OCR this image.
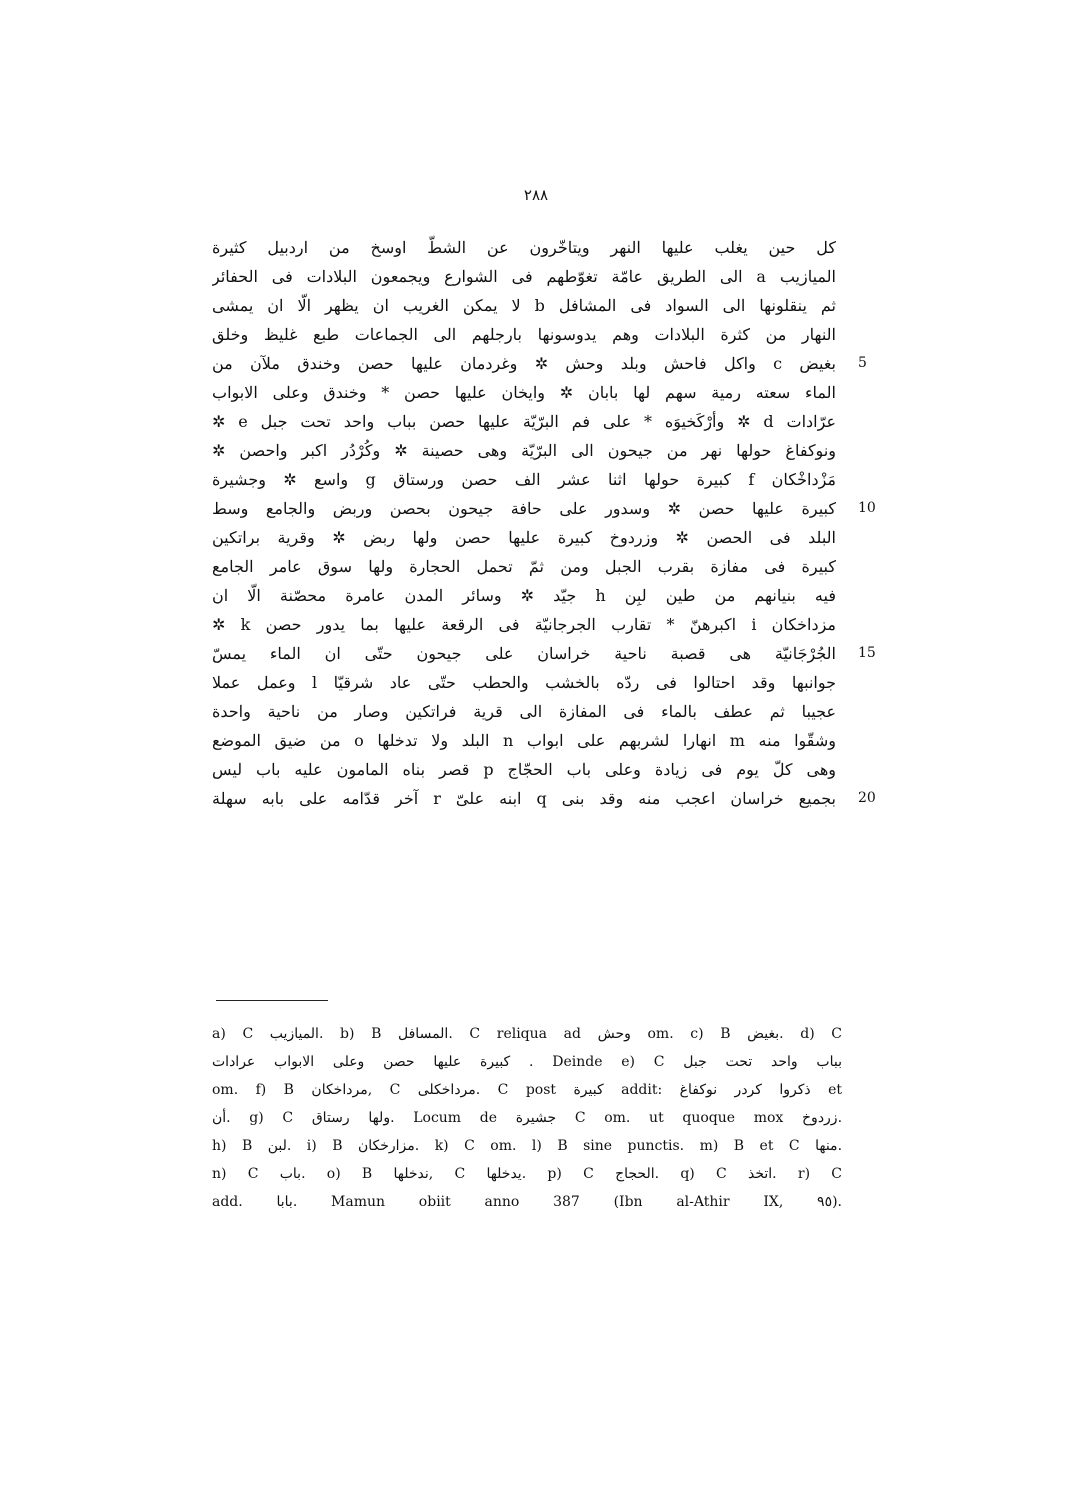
٢٨٨
كل حين يغلب عليها النهر ويتاخّرون عن الشطّ اوسخ من اردبيل كثيرة
الميازيب a الى الطريق عامّة تغوّطهم فى الشوارع ويجمعون البلادات فى الحفائر
ثم ينقلونها الى السواد فى المشافل b لا يمكن الغريب ان يظهر الّا ان يمشى
النهار من كثرة البلادات وهم يدوسونها بارجلهم الى الجماعات طبع غليظ وخلق
بغيض c واكل فاحش وبلد وحش ✲ وغردمان عليها حصن وخندق ملآن من
الماء سعته رمية سهم لها بابان ✲ وايخان عليها حصن * وخندق وعلى الابواب
عرّادات d ✲ وأرْكَخيوَه * على فم البرّيّة عليها حصن بباب واحد تحت جبل e ✲
ونوكفاغ حولها نهر من جيحون الى البرّيّة وهى حصينة ✲ وكُرْدُر اكبر واحصن ✲
مَزْداخْكان f كبيرة حولها اثنا عشر الف حصن ورستاق g واسع ✲ وجشيرة
كبيرة عليها حصن ✲ وسدور على حافة جيحون بحصن وربض والجامع وسط
البلد فى الحصن ✲ وزردوخ كبيرة عليها حصن ولها ربض ✲ وقرية براتكين
كبيرة فى مفازة بقرب الجبل ومن ثمّ تحمل الحجارة ولها سوق عامر الجامع
فيه بنيانهم من طين لبِن h جيّد ✲ وسائر المدن عامرة محصّنة الّا ان
مزداخكان i اكبرهنّ * تقارب الجرجانيّة فى الرقعة عليها بما يدور حصن k ✲
الجُرْجَانيّة هى قصبة ناحية خراسان على جيحون حتّى ان الماء يمسّ
جوانبها وقد احتالوا فى ردّه بالخشب والحطب حتّى عاد شرقيّا l وعمل عملا
عجيبا ثم عطف بالماء فى المفازة الى قرية فراتكين وصار من ناحية واحدة
وشقّوا منه m انهارا لشربهم على ابواب n البلد ولا تدخلها o من ضيق الموضع
وهى كلّ يوم فى زيادة وعلى باب الحجّاج p قصر بناه المامون عليه باب ليس
بجميع خراسان اعجب منه وقد بنى q ابنه علىّ r آخر قدّامه على بابه سهلة
5
10
15
20
a) C الميازيب. b) B المسافل. C reliqua ad وحش om. c) B بغيض. d) C
كبيرة عليها حصن وعلى الابواب عرادات . Deinde e) C بباب واحد تحت جبل
om. f) B مرداخكان, C مرداخكلى. C post كبيرة addit: ذكروا كردر نوكفاغ et
أن. g) C ولها رستاق. Locum de جشيرة C om. ut quoque mox زردوخ.
h) B لبن. i) B مزارخكان. k) C om. l) B sine punctis. m) B et C منها.
n) C باب. o) B ندخلها, C يدخلها. p) C الحجاج. q) C اتخذ. r) C
add. بابا. Mamun obiit anno 387 (Ibn al-Athir IX, ٩٥).
